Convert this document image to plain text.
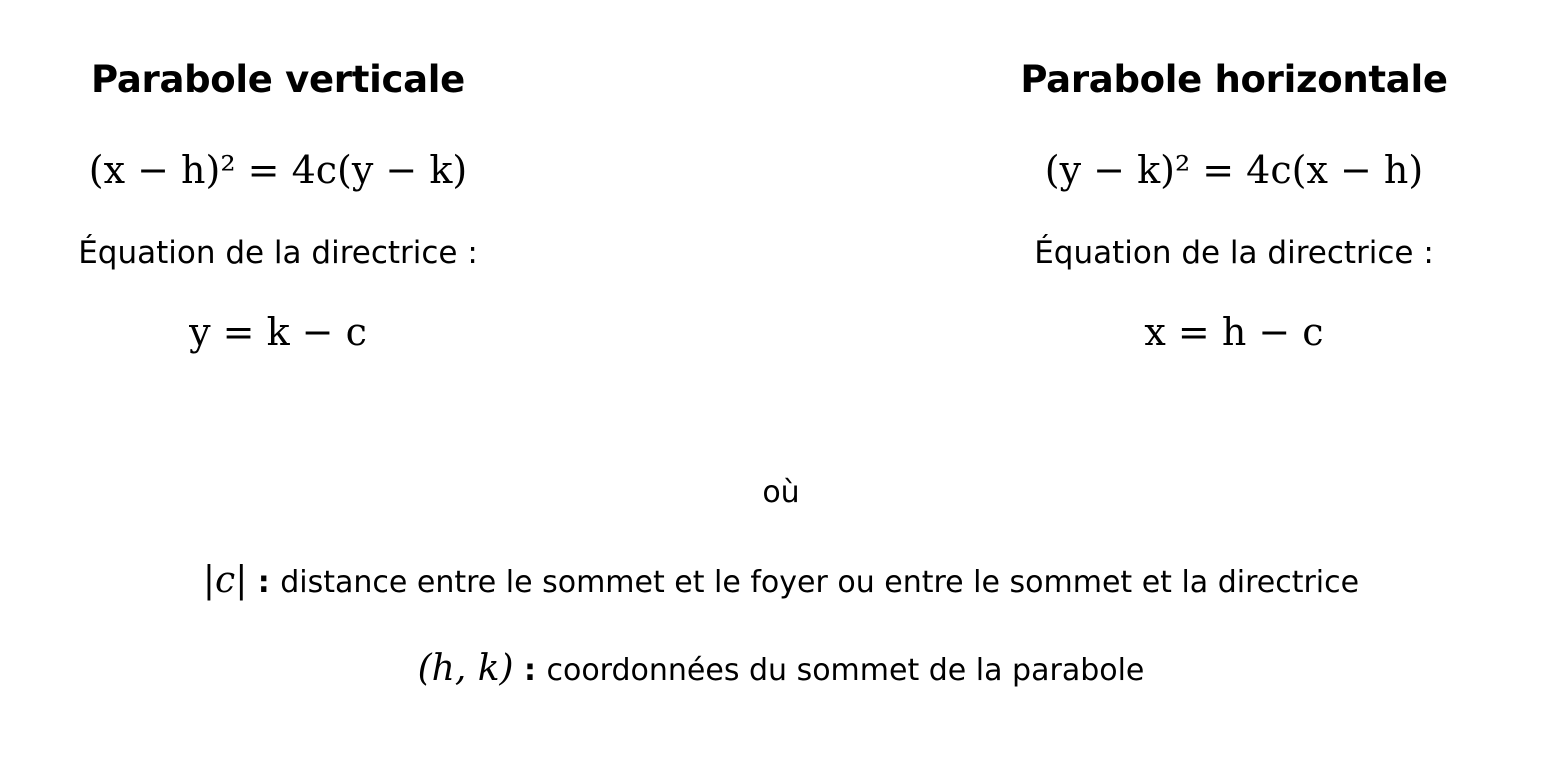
Parabole verticale
(x − h)² = 4c(y − k)
Équation de la directrice :
y = k − c
Parabole horizontale
(y − k)² = 4c(x − h)
Équation de la directrice :
x = h − c
où
|c| : distance entre le sommet et le foyer ou entre le sommet et la directrice
(h, k) : coordonnées du sommet de la parabole
